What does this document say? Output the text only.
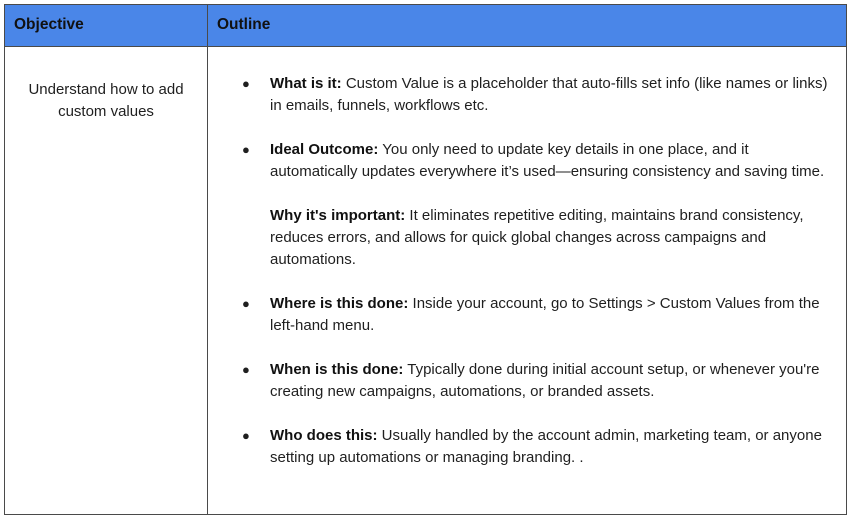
Objective	Outline
Understand how to add custom values

● What is it: Custom Value is a placeholder that auto-fills set info (like names or links) in emails, funnels, workflows etc.

● Ideal Outcome: You only need to update key details in one place, and it automatically updates everywhere it’s used—ensuring consistency and saving time.

Why it's important: It eliminates repetitive editing, maintains brand consistency, reduces errors, and allows for quick global changes across campaigns and automations.

● Where is this done: Inside your account, go to Settings > Custom Values from the left-hand menu.

● When is this done: Typically done during initial account setup, or whenever you're creating new campaigns, automations, or branded assets.

● Who does this: Usually handled by the account admin, marketing team, or anyone setting up automations or managing branding. .
